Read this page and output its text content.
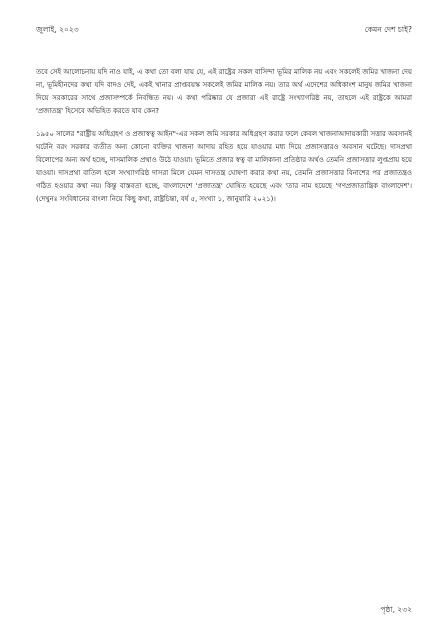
জুলাই, ২০২৩	কেমন দেশ চাই?

তবে সেই আলোচনায় যদি নাও যাই, এ কথা তো বলা যায় যে, এই রাষ্ট্রের সকল বাসিন্দা ভূমির মালিক নয় এবং সকলেই জমির খাজনা দেয় না, ভূমিহীনদের কথা যদি বাদও দেই, একই খানার প্রাপ্তবয়স্ক সকলেই জমির মালিক নয়। তার অর্থ এদেশের অধিকাংশ মানুষ জমির খাজনা দিয়ে সরকারের সাথে প্রজাসম্পর্কে নিবন্ধিত নয়। এ কথা পরিষ্কার যে প্রজারা এই রাষ্ট্রে সংখ্যাগরিষ্ঠ নয়, তাহলে এই রাষ্ট্রকে আমরা 'প্রজাতন্ত্র' হিসেবে অভিহিত করতে যাব কেন?

১৯৫০ সালের "রাষ্ট্রীয় অধিগ্রহণ ও প্রজাস্বত্ব আইন"-এর সকল জমি সরকার অধিগ্রহণ করার ফলে কেবল খাজনাআদায়কারী সত্তার অবসানই ঘটেনি বরং সরকার ব্যতীত অন্য কোনো ব্যক্তির খাজনা আদায় রহিত হয়ে যাওয়ার মধ্য দিয়ে প্রজাসত্তারও অবসান ঘটেছে। দাসপ্রথা বিলোপের অন্য অর্থ হচ্ছে, দাসমালিক প্রথাও উঠে যাওয়া। ভূমিতে প্রজার স্বত্ব বা মালিকানা প্রতিষ্ঠার অর্থও তেমনি প্রজাসত্তার লুপ্তপ্রায় হয়ে যাওয়া। দাসপ্রথা বাতিল হলে সংখ্যাগরিষ্ঠ দাসরা মিলে যেমন দাসতন্ত্র ঘোষণা করার কথা নয়, তেমনি প্রজাসত্তার বিনাশের পর প্রজাতন্ত্রও গঠিত হওয়ার কথা নয়। কিন্তু বাস্তবতা হচ্ছে, বাংলাদেশে 'প্রজাতন্ত্র' ঘোষিত হয়েছে এবং 'তার নাম হয়েছে 'গণপ্রজাতান্ত্রিক বাংলাদেশ'। (দেখুনঃ সংবিধানের বাংলা নিয়ে কিছু কথা, রাষ্ট্রচিন্তা, বর্ষ ৫, সংখ্যা ১, জানুয়ারি ২০২১)।

পৃষ্ঠা, ২৩২
